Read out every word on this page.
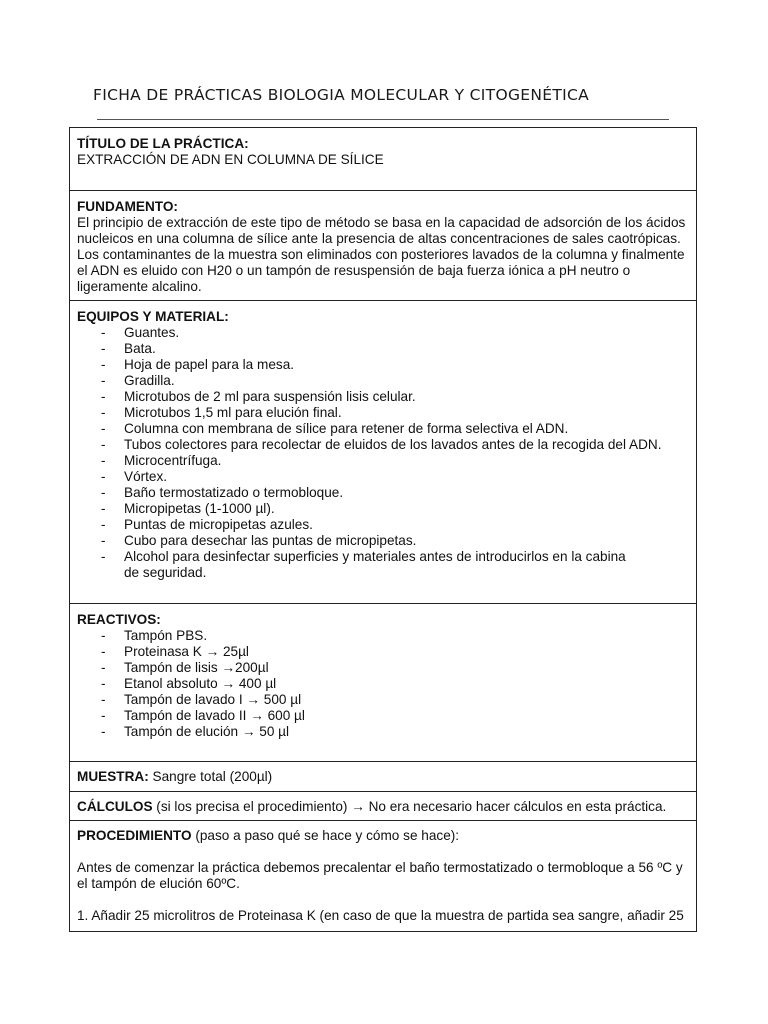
FICHA DE PRÁCTICAS BIOLOGIA MOLECULAR Y CITOGENÉTICA
TÍTULO DE LA PRÁCTICA:
EXTRACCIÓN DE ADN EN COLUMNA DE SÍLICE
FUNDAMENTO:
El principio de extracción de este tipo de método se basa en la capacidad de adsorción de los ácidos
nucleicos en una columna de sílice ante la presencia de altas concentraciones de sales caotrópicas.
Los contaminantes de la muestra son eliminados con posteriores lavados de la columna y finalmente
el ADN es eluido con H20 o un tampón de resuspensión de baja fuerza iónica a pH neutro o
ligeramente alcalino.
EQUIPOS Y MATERIAL:
- Guantes.
- Bata.
- Hoja de papel para la mesa.
- Gradilla.
- Microtubos de 2 ml para suspensión lisis celular.
- Microtubos 1,5 ml para elución final.
- Columna con membrana de sílice para retener de forma selectiva el ADN.
- Tubos colectores para recolectar de eluidos de los lavados antes de la recogida del ADN.
- Microcentrífuga.
- Vórtex.
- Baño termostatizado o termobloque.
- Micropipetas (1-1000 µl).
- Puntas de micropipetas azules.
- Cubo para desechar las puntas de micropipetas.
- Alcohol para desinfectar superficies y materiales antes de introducirlos en la cabina de seguridad.
REACTIVOS:
- Tampón PBS.
- Proteinasa K → 25µl
- Tampón de lisis →200µl
- Etanol absoluto → 400 µl
- Tampón de lavado I → 500 µl
- Tampón de lavado II → 600 µl
- Tampón de elución → 50 µl
MUESTRA: Sangre total (200µl)
CÁLCULOS (si los precisa el procedimiento) → No era necesario hacer cálculos en esta práctica.
PROCEDIMIENTO (paso a paso qué se hace y cómo se hace):
Antes de comenzar la práctica debemos precalentar el baño termostatizado o termobloque a 56 ºC y el tampón de elución 60ºC.
1. Añadir 25 microlitros de Proteinasa K (en caso de que la muestra de partida sea sangre, añadir 25
